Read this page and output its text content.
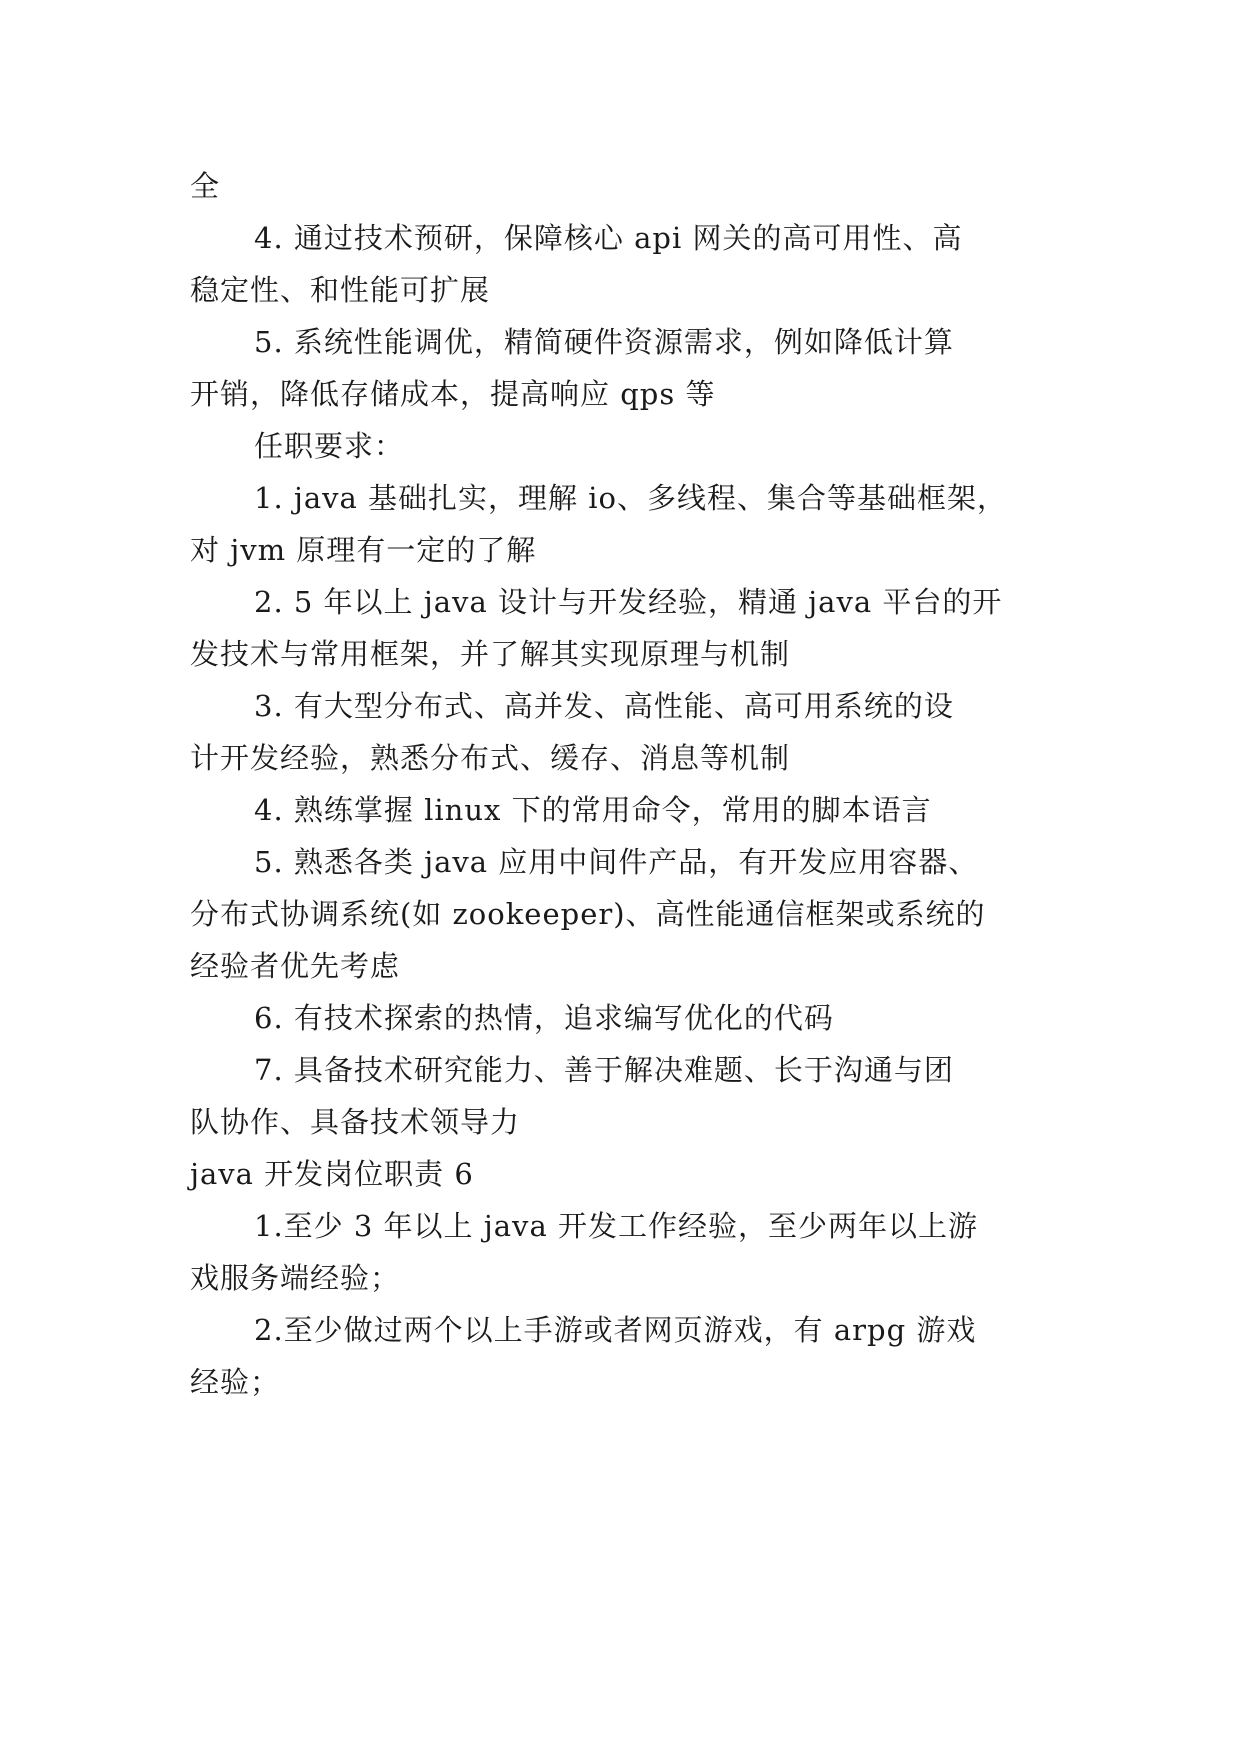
全
4. 通过技术预研，保障核心 api 网关的高可用性、高
稳定性、和性能可扩展
5. 系统性能调优，精简硬件资源需求，例如降低计算
开销，降低存储成本，提高响应 qps 等
任职要求：
1. java 基础扎实，理解 io、多线程、集合等基础框架，
对 jvm 原理有一定的了解
2. 5 年以上 java 设计与开发经验，精通 java 平台的开
发技术与常用框架，并了解其实现原理与机制
3. 有大型分布式、高并发、高性能、高可用系统的设
计开发经验，熟悉分布式、缓存、消息等机制
4. 熟练掌握 linux 下的常用命令，常用的脚本语言
5. 熟悉各类 java 应用中间件产品，有开发应用容器、
分布式协调系统(如 zookeeper)、高性能通信框架或系统的
经验者优先考虑
6. 有技术探索的热情，追求编写优化的代码
7. 具备技术研究能力、善于解决难题、长于沟通与团
队协作、具备技术领导力
java 开发岗位职责 6
1.至少 3 年以上 java 开发工作经验，至少两年以上游
戏服务端经验；
2.至少做过两个以上手游或者网页游戏，有 arpg 游戏
经验；
